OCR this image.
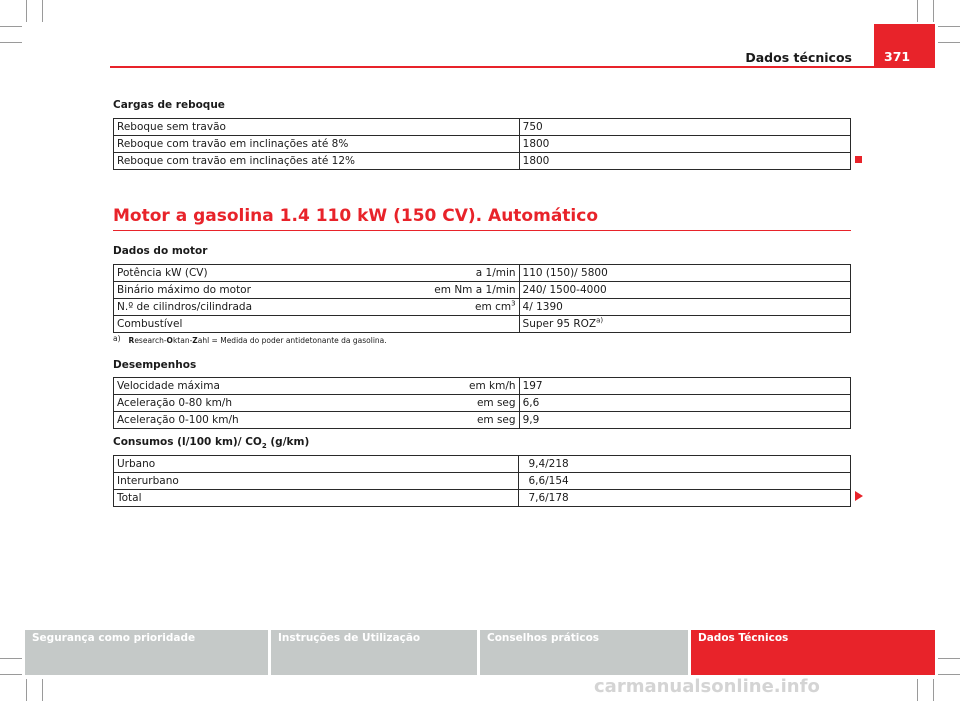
Dados técnicos	371
Cargas de reboque
Reboque sem travão	750
Reboque com travão em inclinações até 8%	1800
Reboque com travão em inclinações até 12%	1800
Motor a gasolina 1.4 110 kW (150 CV). Automático
Dados do motor
Potência kW (CV)	a 1/min	110 (150)/ 5800
Binário máximo do motor	em Nm a 1/min	240/ 1500-4000
N.º de cilindros/cilindrada	em $cm^3$	4/ 1390
Combustível		Super 95 ROZ$^{a)}$
a) Research-Oktan-Zahl = Medida do poder antidetonante da gasolina.
Desempenhos
Velocidade máxima	em km/h	197
Aceleração 0-80 km/h	em seg	6,6
Aceleração 0-100 km/h	em seg	9,9
Consumos (l/100 km)/ $CO_2$ (g/km)
Urbano	9,4/218
Interurbano	6,6/154
Total	7,6/178
Segurança como prioridade	Instruções de Utilização	Conselhos práticos	Dados Técnicos
carmanualsonline.info
